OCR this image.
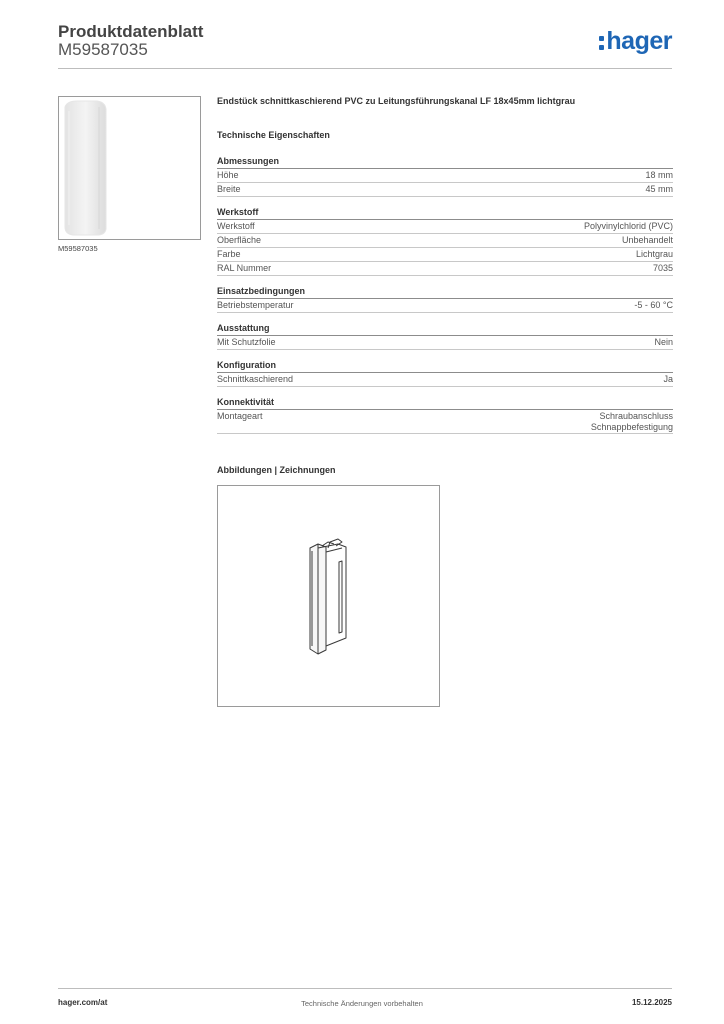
Produktdatenblatt
M59587035	hager
M59587035
Endstück schnittkaschierend PVC zu Leitungsführungskanal LF 18x45mm lichtgrau
Technische Eigenschaften
Abmessungen
Höhe	18 mm
Breite	45 mm
Werkstoff
Werkstoff	Polyvinylchlorid (PVC)
Oberfläche	Unbehandelt
Farbe	Lichtgrau
RAL Nummer	7035
Einsatzbedingungen
Betriebstemperatur	-5 - 60 °C
Ausstattung
Mit Schutzfolie	Nein
Konfiguration
Schnittkaschierend	Ja
Konnektivität
Montageart	Schraubanschluss
Schnappbefestigung
Abbildungen | Zeichnungen
hager.com/at	Technische Änderungen vorbehalten	15.12.2025
